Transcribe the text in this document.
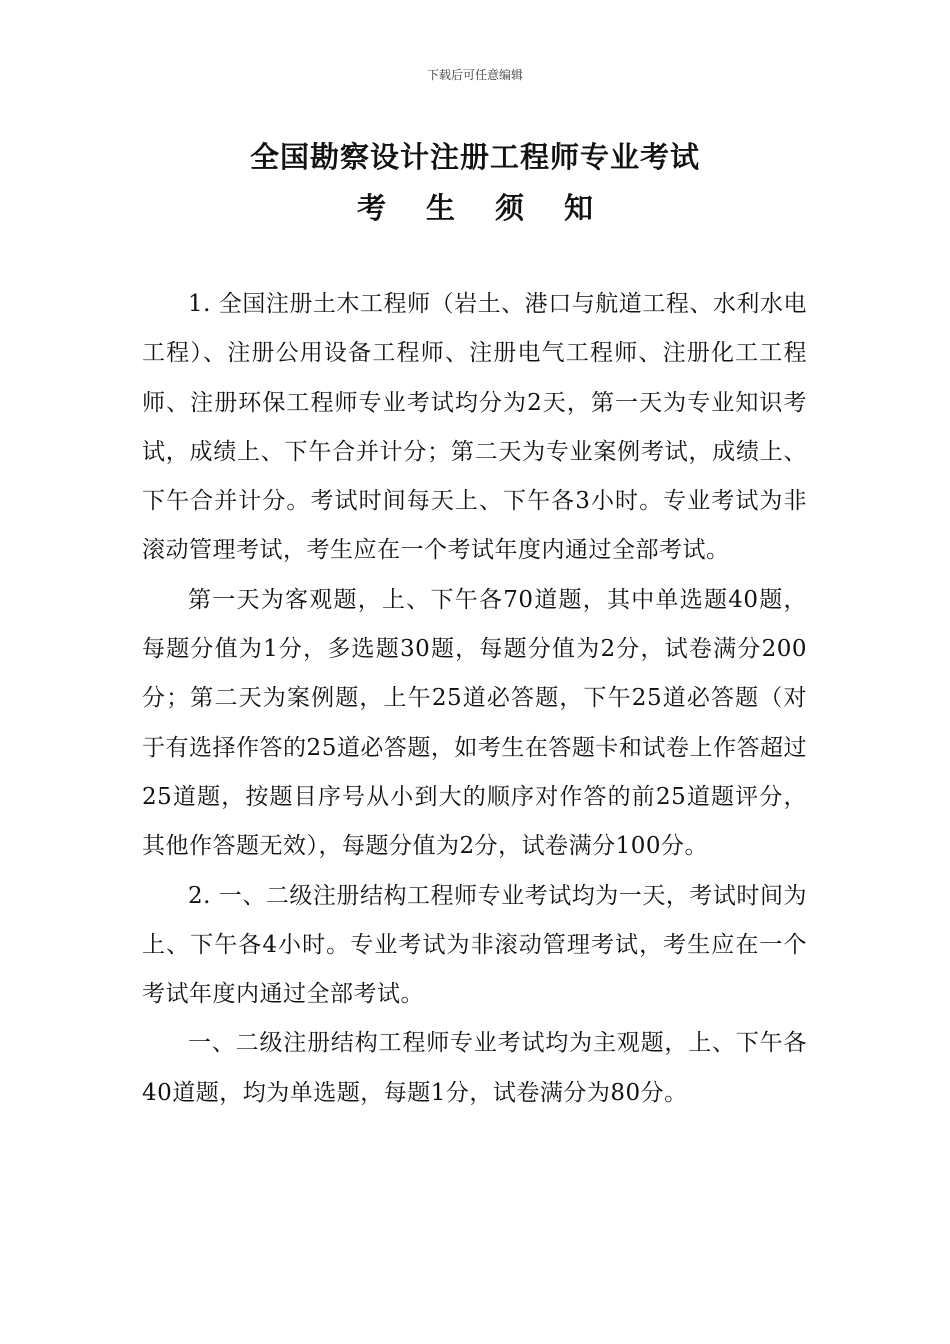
下载后可任意编辑
全国勘察设计注册工程师专业考试
考生须知

1. 全国注册土木工程师（岩土、港口与航道工程、水利水电工程）、注册公用设备工程师、注册电气工程师、注册化工工程师、注册环保工程师专业考试均分为2天，第一天为专业知识考试，成绩上、下午合并计分；第二天为专业案例考试，成绩上、下午合并计分。考试时间每天上、下午各3小时。专业考试为非滚动管理考试，考生应在一个考试年度内通过全部考试。

第一天为客观题，上、下午各70道题，其中单选题40题，每题分值为1分，多选题30题，每题分值为2分，试卷满分200分；第二天为案例题，上午25道必答题，下午25道必答题（对于有选择作答的25道必答题，如考生在答题卡和试卷上作答超过25道题，按题目序号从小到大的顺序对作答的前25道题评分，其他作答题无效），每题分值为2分，试卷满分100分。

2. 一、二级注册结构工程师专业考试均为一天，考试时间为上、下午各4小时。专业考试为非滚动管理考试，考生应在一个考试年度内通过全部考试。

一、二级注册结构工程师专业考试均为主观题，上、下午各40道题，均为单选题，每题1分，试卷满分为80分。
